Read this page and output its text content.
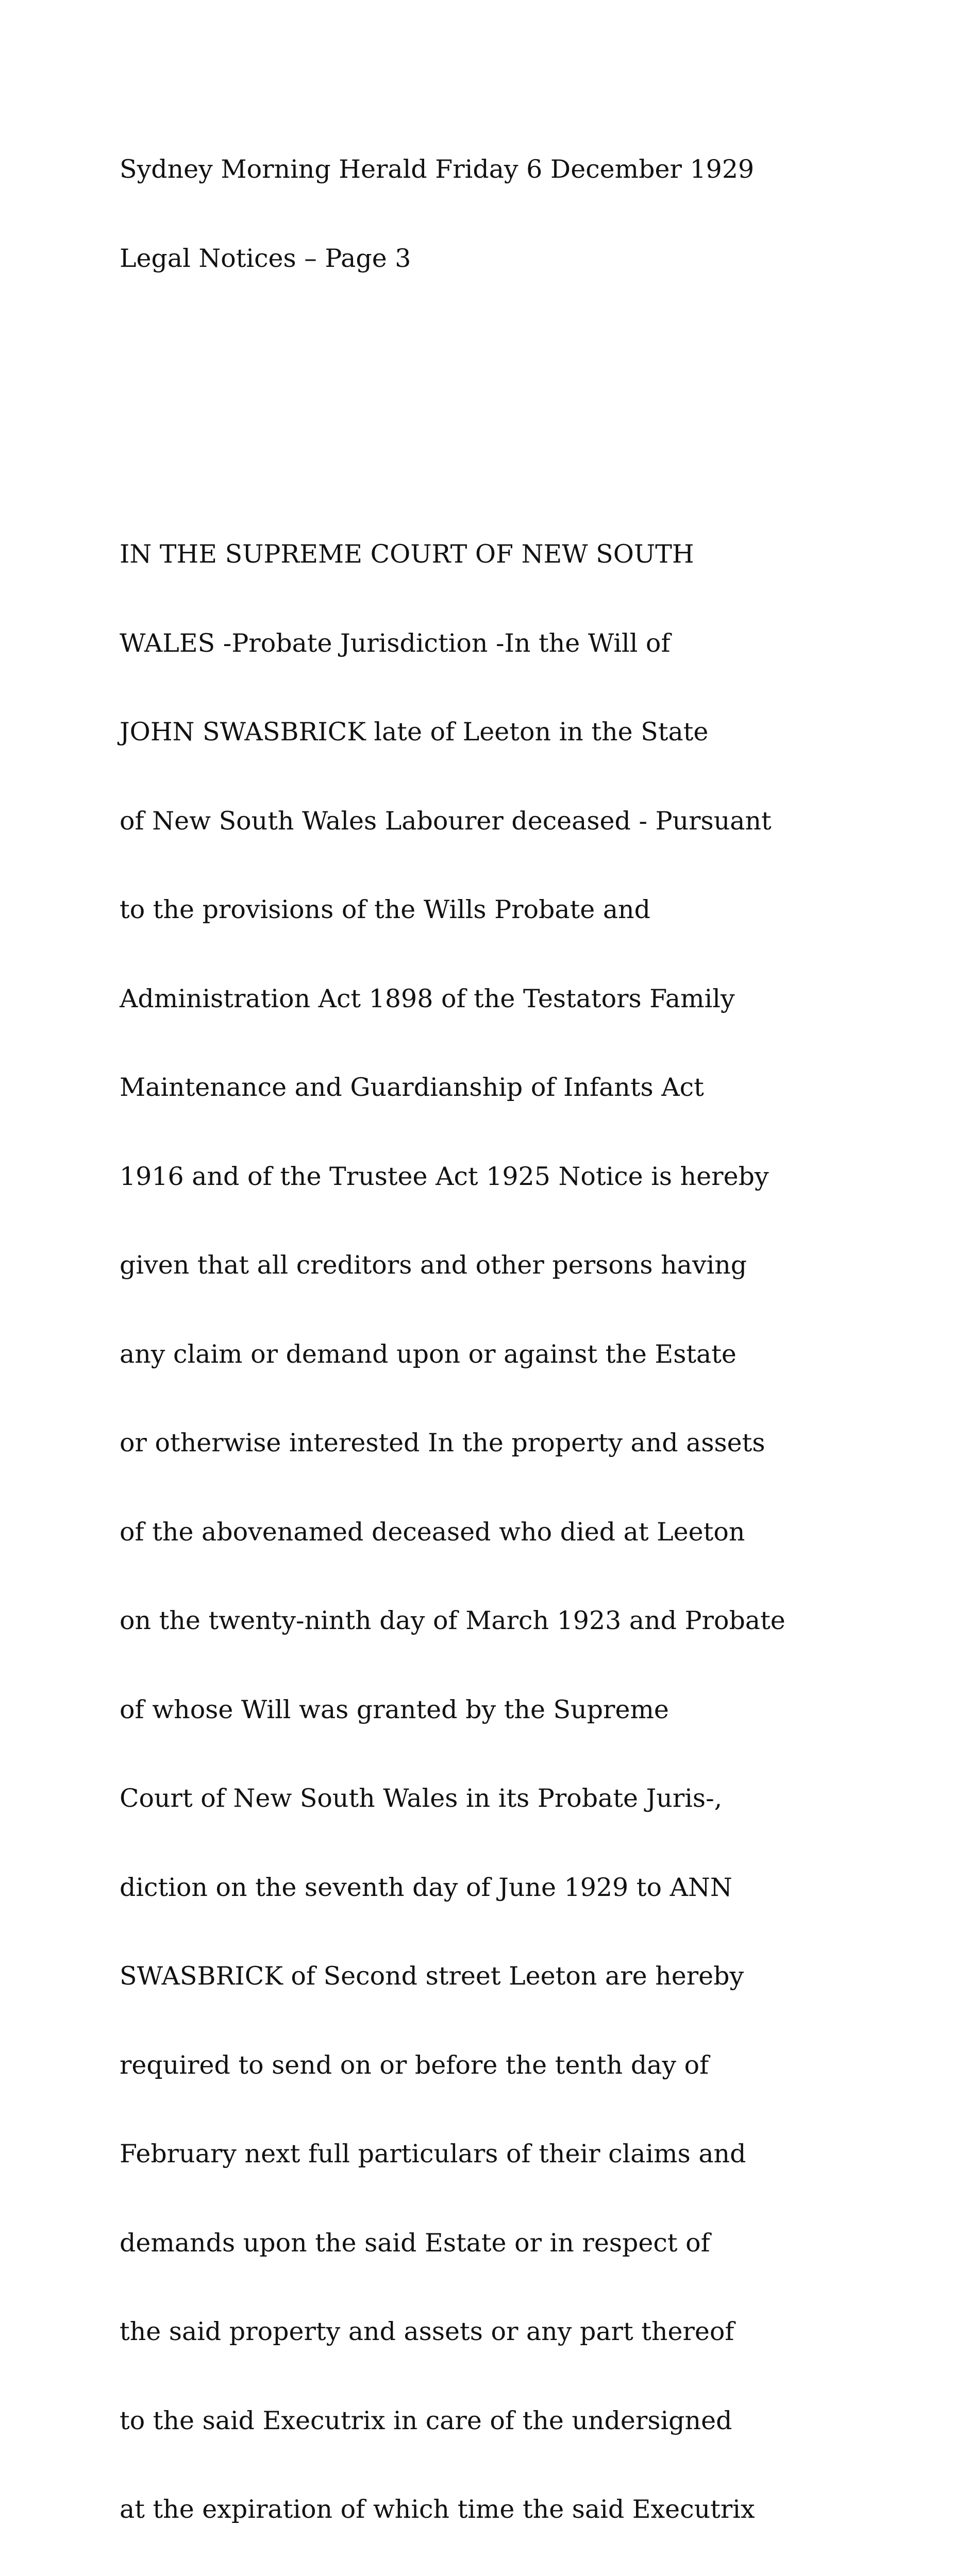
Sydney Morning Herald Friday 6 December 1929

Legal Notices – Page 3

IN THE SUPREME COURT OF NEW SOUTH

WALES -Probate Jurisdiction -In the Will of

JOHN SWASBRICK late of Leeton in the State

of New South Wales Labourer deceased - Pursuant

to the provisions of the Wills Probate and

Administration Act 1898 of the Testators Family

Maintenance and Guardianship of Infants Act

1916 and of the Trustee Act 1925 Notice is hereby

given that all creditors and other persons having

any claim or demand upon or against the Estate

or otherwise interested In the property and assets

of the abovenamed deceased who died at Leeton

on the twenty-ninth day of March 1923 and Probate

of whose Will was granted by the Supreme

Court of New South Wales in its Probate Juris-,

diction on the seventh day of June 1929 to ANN

SWASBRICK of Second street Leeton are hereby

required to send on or before the tenth day of

February next full particulars of their claims and

demands upon the said Estate or in respect of

the said property and assets or any part thereof

to the said Executrix in care of the undersigned

at the expiration of which time the said Executrix
